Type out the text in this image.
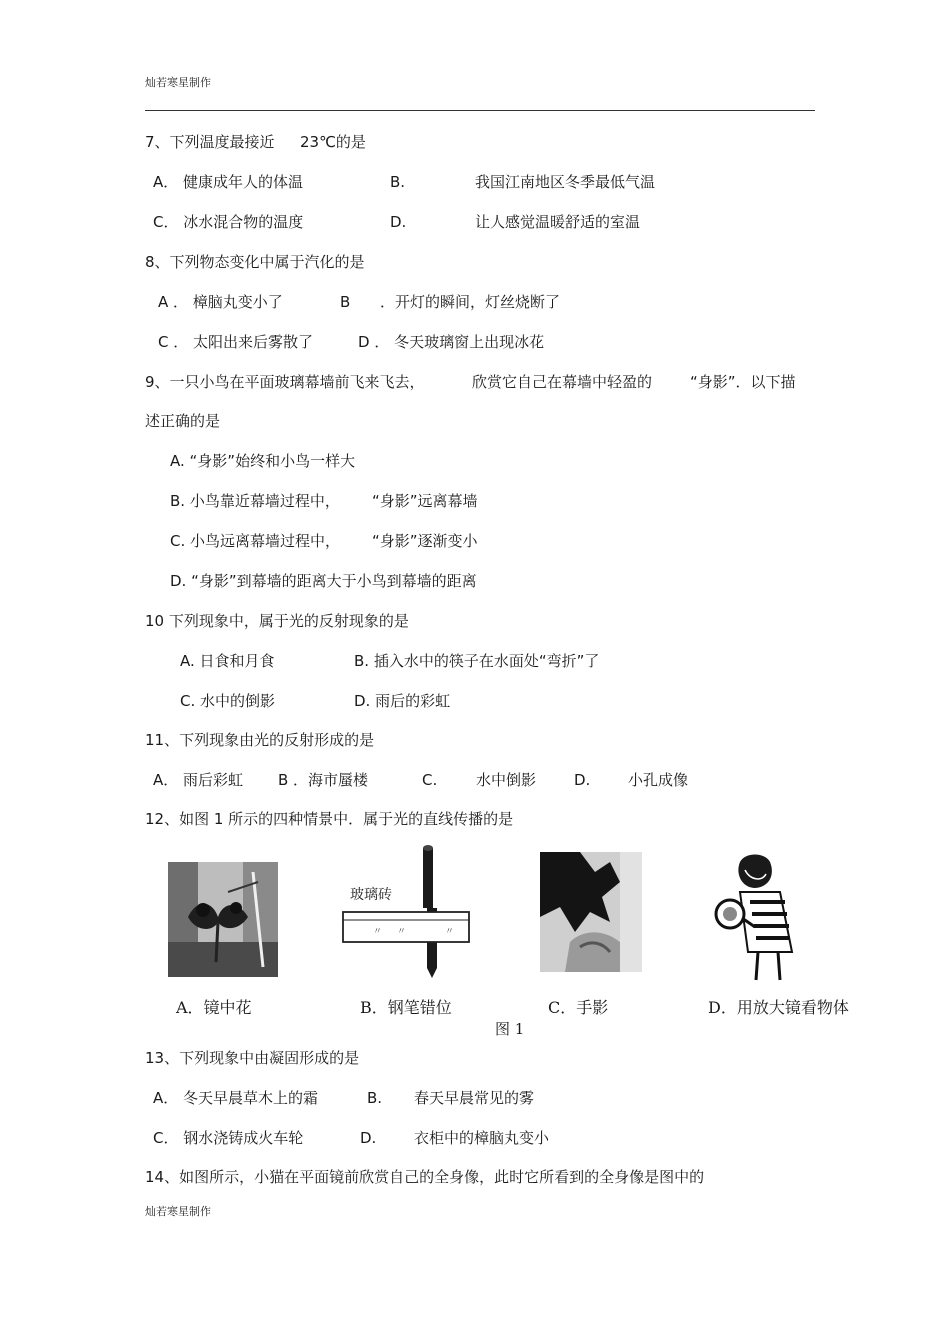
灿若寒星制作
7、下列温度最接近 23℃的是
A． 健康成年人的体温	B.	我国江南地区冬季最低气温
C． 冰水混合物的温度	D.	让人感觉温暖舒适的室温
8、下列物态变化中属于汽化的是
A ． 樟脑丸变小了	B ．开灯的瞬间，灯丝烧断了
C ． 太阳出来后雾散了	D ． 冬天玻璃窗上出现冰花
9、一只小鸟在平面玻璃幕墙前飞来飞去，	欣赏它自己在幕墙中轻盈的	“身影”．以下描
述正确的是
A. “身影”始终和小鸟一样大
B. 小鸟靠近幕墙过程中， “身影”远离幕墙
C. 小鸟远离幕墙过程中， “身影”逐渐变小
D. “身影”到幕墙的距离大于小鸟到幕墙的距离
10 下列现象中，属于光的反射现象的是
A. 日食和月食	B. 插入水中的筷子在水面处“弯折”了
C. 水中的倒影	D. 雨后的彩虹
11、下列现象由光的反射形成的是
A． 雨后彩虹 B ．海市蜃楼	C.	水中倒影	D.	小孔成像
12、如图 1 所示的四种情景中．属于光的直线传播的是
〃 〃	〃
玻璃砖
A．镜中花	B．钢笔错位	C．手影	D．用放大镜看物体
图 1
13、下列现象中由凝固形成的是
A． 冬天早晨草木上的霜	B. 春天早晨常见的雾
C． 钢水浇铸成火车轮	D.	衣柜中的樟脑丸变小
14、如图所示，小猫在平面镜前欣赏自己的全身像，此时它所看到的全身像是图中的
灿若寒星制作
